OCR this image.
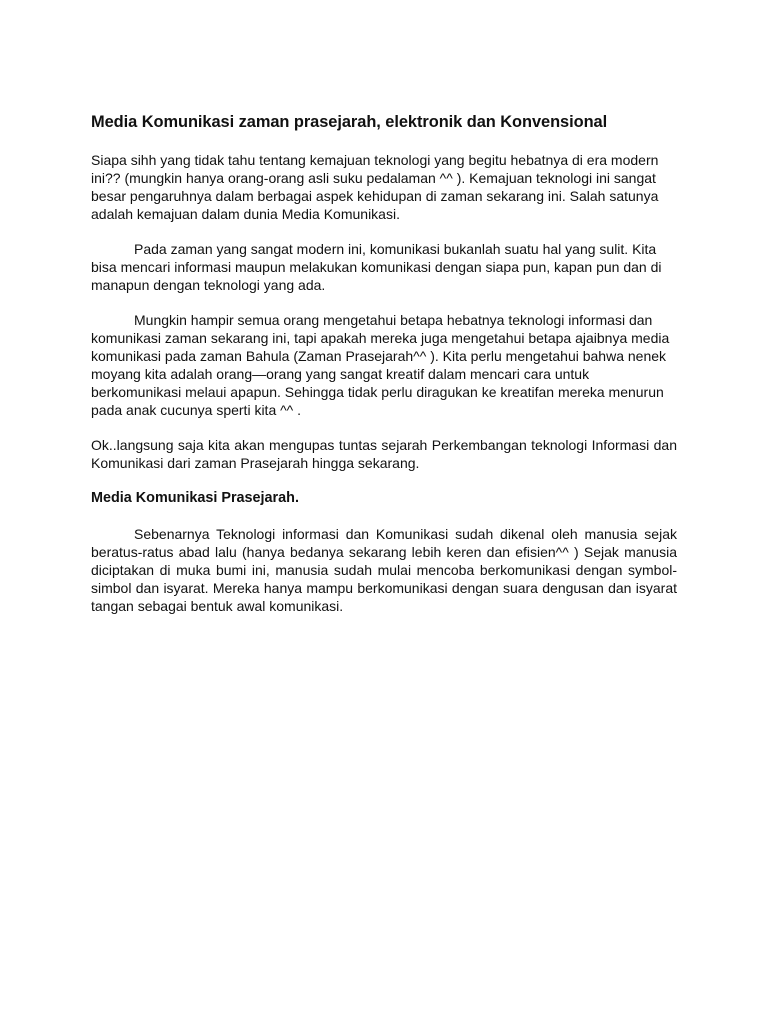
Media Komunikasi zaman prasejarah, elektronik dan Konvensional

Siapa sihh yang tidak tahu tentang kemajuan teknologi yang begitu hebatnya di era modern ini?? (mungkin hanya orang-orang asli suku pedalaman ^^ ). Kemajuan teknologi ini sangat besar pengaruhnya dalam berbagai aspek kehidupan di zaman sekarang ini. Salah satunya adalah kemajuan dalam dunia Media Komunikasi.

Pada zaman yang sangat modern ini, komunikasi bukanlah suatu hal yang sulit. Kita bisa mencari informasi maupun melakukan komunikasi dengan siapa pun, kapan pun dan di manapun dengan teknologi yang ada.

Mungkin hampir semua orang mengetahui betapa hebatnya teknologi informasi dan komunikasi zaman sekarang ini, tapi apakah mereka juga mengetahui betapa ajaibnya media komunikasi pada zaman Bahula (Zaman Prasejarah^^ ). Kita perlu mengetahui bahwa nenek moyang kita adalah orang—orang yang sangat kreatif dalam mencari cara untuk berkomunikasi melaui apapun. Sehingga tidak perlu diragukan ke kreatifan mereka menurun pada anak cucunya sperti kita ^^ .

Ok..langsung saja kita akan mengupas tuntas sejarah Perkembangan teknologi Informasi dan Komunikasi dari zaman Prasejarah hingga sekarang.

Media Komunikasi Prasejarah.

Sebenarnya Teknologi informasi dan Komunikasi sudah dikenal oleh manusia sejak beratus-ratus abad lalu (hanya bedanya sekarang lebih keren dan efisien^^ ) Sejak manusia diciptakan di muka bumi ini, manusia sudah mulai mencoba berkomunikasi dengan symbol-simbol dan isyarat. Mereka hanya mampu berkomunikasi dengan suara dengusan dan isyarat tangan sebagai bentuk awal komunikasi.
